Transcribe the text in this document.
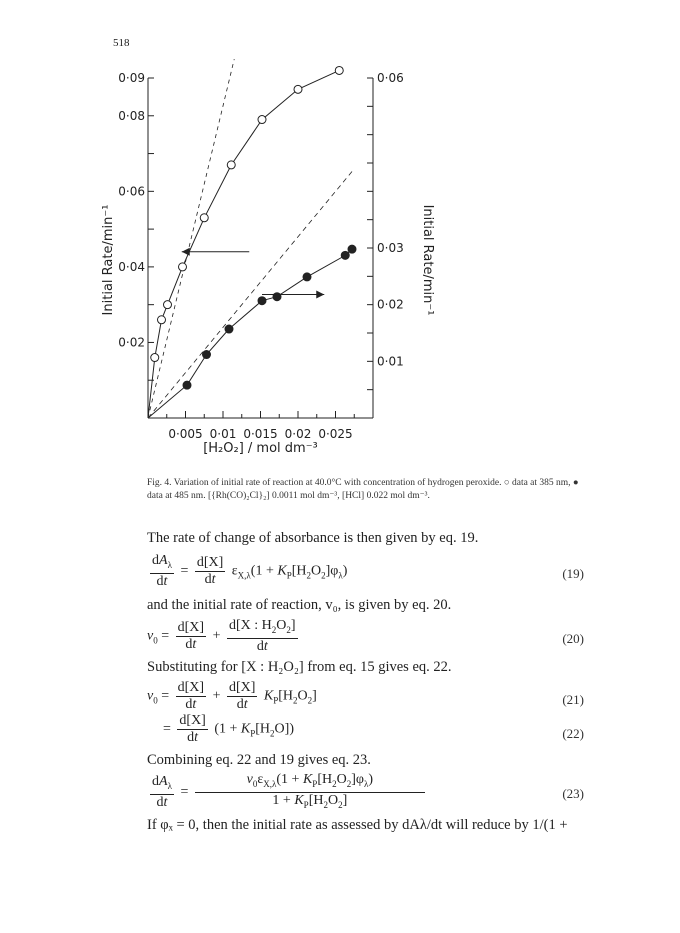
518
0·02
0·04
0·06
0·08
0·09
0·01
0·02
0·03
0·06
0·005 0·01 0·015 0·02 0·025
[H₂O₂] / mol dm⁻³
Initial Rate/min⁻¹	Initial Rate/min⁻¹
Fig. 4. Variation of initial rate of reaction at 40.0°C with concentration of hydrogen peroxide. ○ data at 385 nm, ● data at 485 nm. [{Rh(CO)₂Cl}₂] 0.0011 mol dm⁻³, [HCl] 0.022 mol dm⁻³.
The rate of change of absorbance is then given by eq. 19.
$\frac{dA_\lambda}{dt} = \frac{d[X]}{dt} \varepsilon_{X,\lambda}(1 + K_P[H_2O_2]\varphi_\lambda)$	(19)
and the initial rate of reaction, v₀, is given by eq. 20.
$v_0 = \frac{d[X]}{dt} + \frac{d[X : H_2O_2]}{dt}$	(20)
Substituting for [X : H₂O₂] from eq. 15 gives eq. 22.
$v_0 = \frac{d[X]}{dt} + \frac{d[X]}{dt} K_P[H_2O_2]$	(21)
= $\frac{d[X]}{dt} (1 + K_P[H_2O])$	(22)
Combining eq. 22 and 19 gives eq. 23.
$\frac{dA_\lambda}{dt} = \frac{v_0\varepsilon_{X,\lambda}(1 + K_P[H_2O_2]\varphi_\lambda)}{1 + K_P[H_2O_2]}$	(23)
If φₓ = 0, then the initial rate as assessed by dAλ/dt will reduce by 1/(1 +
